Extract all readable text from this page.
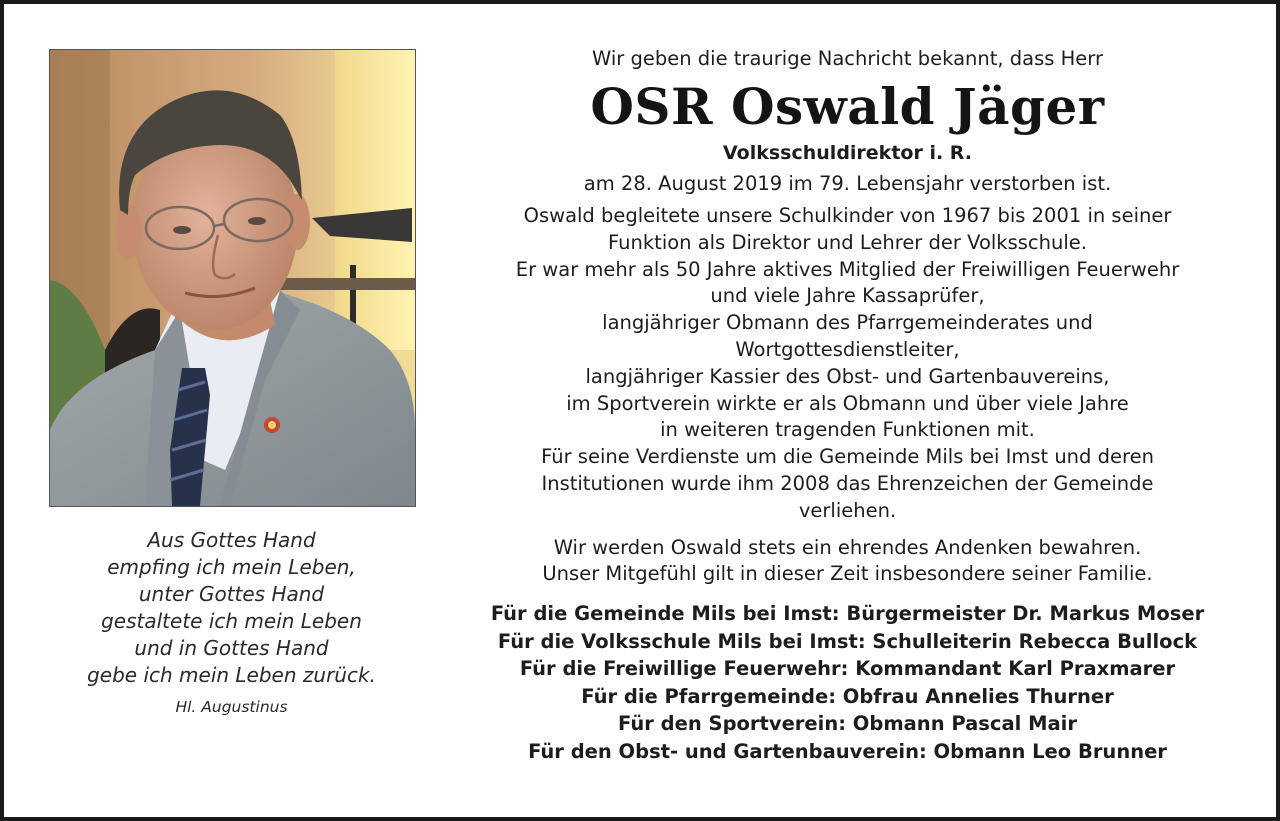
Aus Gottes Hand
empfing ich mein Leben,
unter Gottes Hand
gestaltete ich mein Leben
und in Gottes Hand
gebe ich mein Leben zurück.
Hl. Augustinus
Wir geben die traurige Nachricht bekannt, dass Herr
OSR Oswald Jäger
Volksschuldirektor i. R.
am 28. August 2019 im 79. Lebensjahr verstorben ist.
Oswald begleitete unsere Schulkinder von 1967 bis 2001 in seiner
Funktion als Direktor und Lehrer der Volksschule.
Er war mehr als 50 Jahre aktives Mitglied der Freiwilligen Feuerwehr
und viele Jahre Kassaprüfer,
langjähriger Obmann des Pfarrgemeinderates und
Wortgottesdienstleiter,
langjähriger Kassier des Obst- und Gartenbauvereins,
im Sportverein wirkte er als Obmann und über viele Jahre
in weiteren tragenden Funktionen mit.
Für seine Verdienste um die Gemeinde Mils bei Imst und deren
Institutionen wurde ihm 2008 das Ehrenzeichen der Gemeinde
verliehen.
Wir werden Oswald stets ein ehrendes Andenken bewahren.
Unser Mitgefühl gilt in dieser Zeit insbesondere seiner Familie.
Für die Gemeinde Mils bei Imst: Bürgermeister Dr. Markus Moser
Für die Volksschule Mils bei Imst: Schulleiterin Rebecca Bullock
Für die Freiwillige Feuerwehr: Kommandant Karl Praxmarer
Für die Pfarrgemeinde: Obfrau Annelies Thurner
Für den Sportverein: Obmann Pascal Mair
Für den Obst- und Gartenbauverein: Obmann Leo Brunner
